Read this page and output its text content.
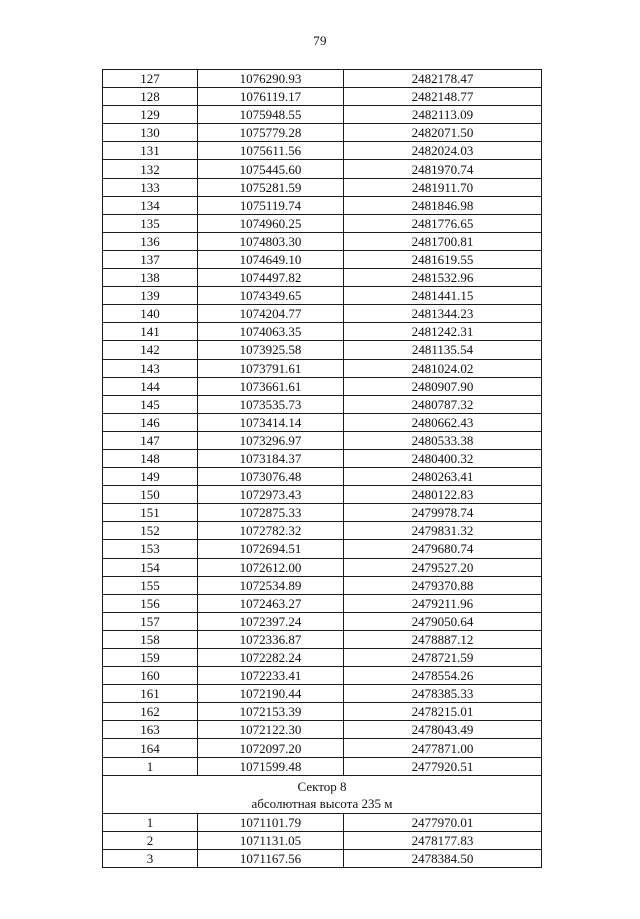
79
127	1076290.93	2482178.47
128	1076119.17	2482148.77
129	1075948.55	2482113.09
130	1075779.28	2482071.50
131	1075611.56	2482024.03
132	1075445.60	2481970.74
133	1075281.59	2481911.70
134	1075119.74	2481846.98
135	1074960.25	2481776.65
136	1074803.30	2481700.81
137	1074649.10	2481619.55
138	1074497.82	2481532.96
139	1074349.65	2481441.15
140	1074204.77	2481344.23
141	1074063.35	2481242.31
142	1073925.58	2481135.54
143	1073791.61	2481024.02
144	1073661.61	2480907.90
145	1073535.73	2480787.32
146	1073414.14	2480662.43
147	1073296.97	2480533.38
148	1073184.37	2480400.32
149	1073076.48	2480263.41
150	1072973.43	2480122.83
151	1072875.33	2479978.74
152	1072782.32	2479831.32
153	1072694.51	2479680.74
154	1072612.00	2479527.20
155	1072534.89	2479370.88
156	1072463.27	2479211.96
157	1072397.24	2479050.64
158	1072336.87	2478887.12
159	1072282.24	2478721.59
160	1072233.41	2478554.26
161	1072190.44	2478385.33
162	1072153.39	2478215.01
163	1072122.30	2478043.49
164	1072097.20	2477871.00
1	1071599.48	2477920.51

Сектор 8
абсолютная высота 235 м		

1	1071101.79	2477970.01
2	1071131.05	2478177.83
3	1071167.56	2478384.50
